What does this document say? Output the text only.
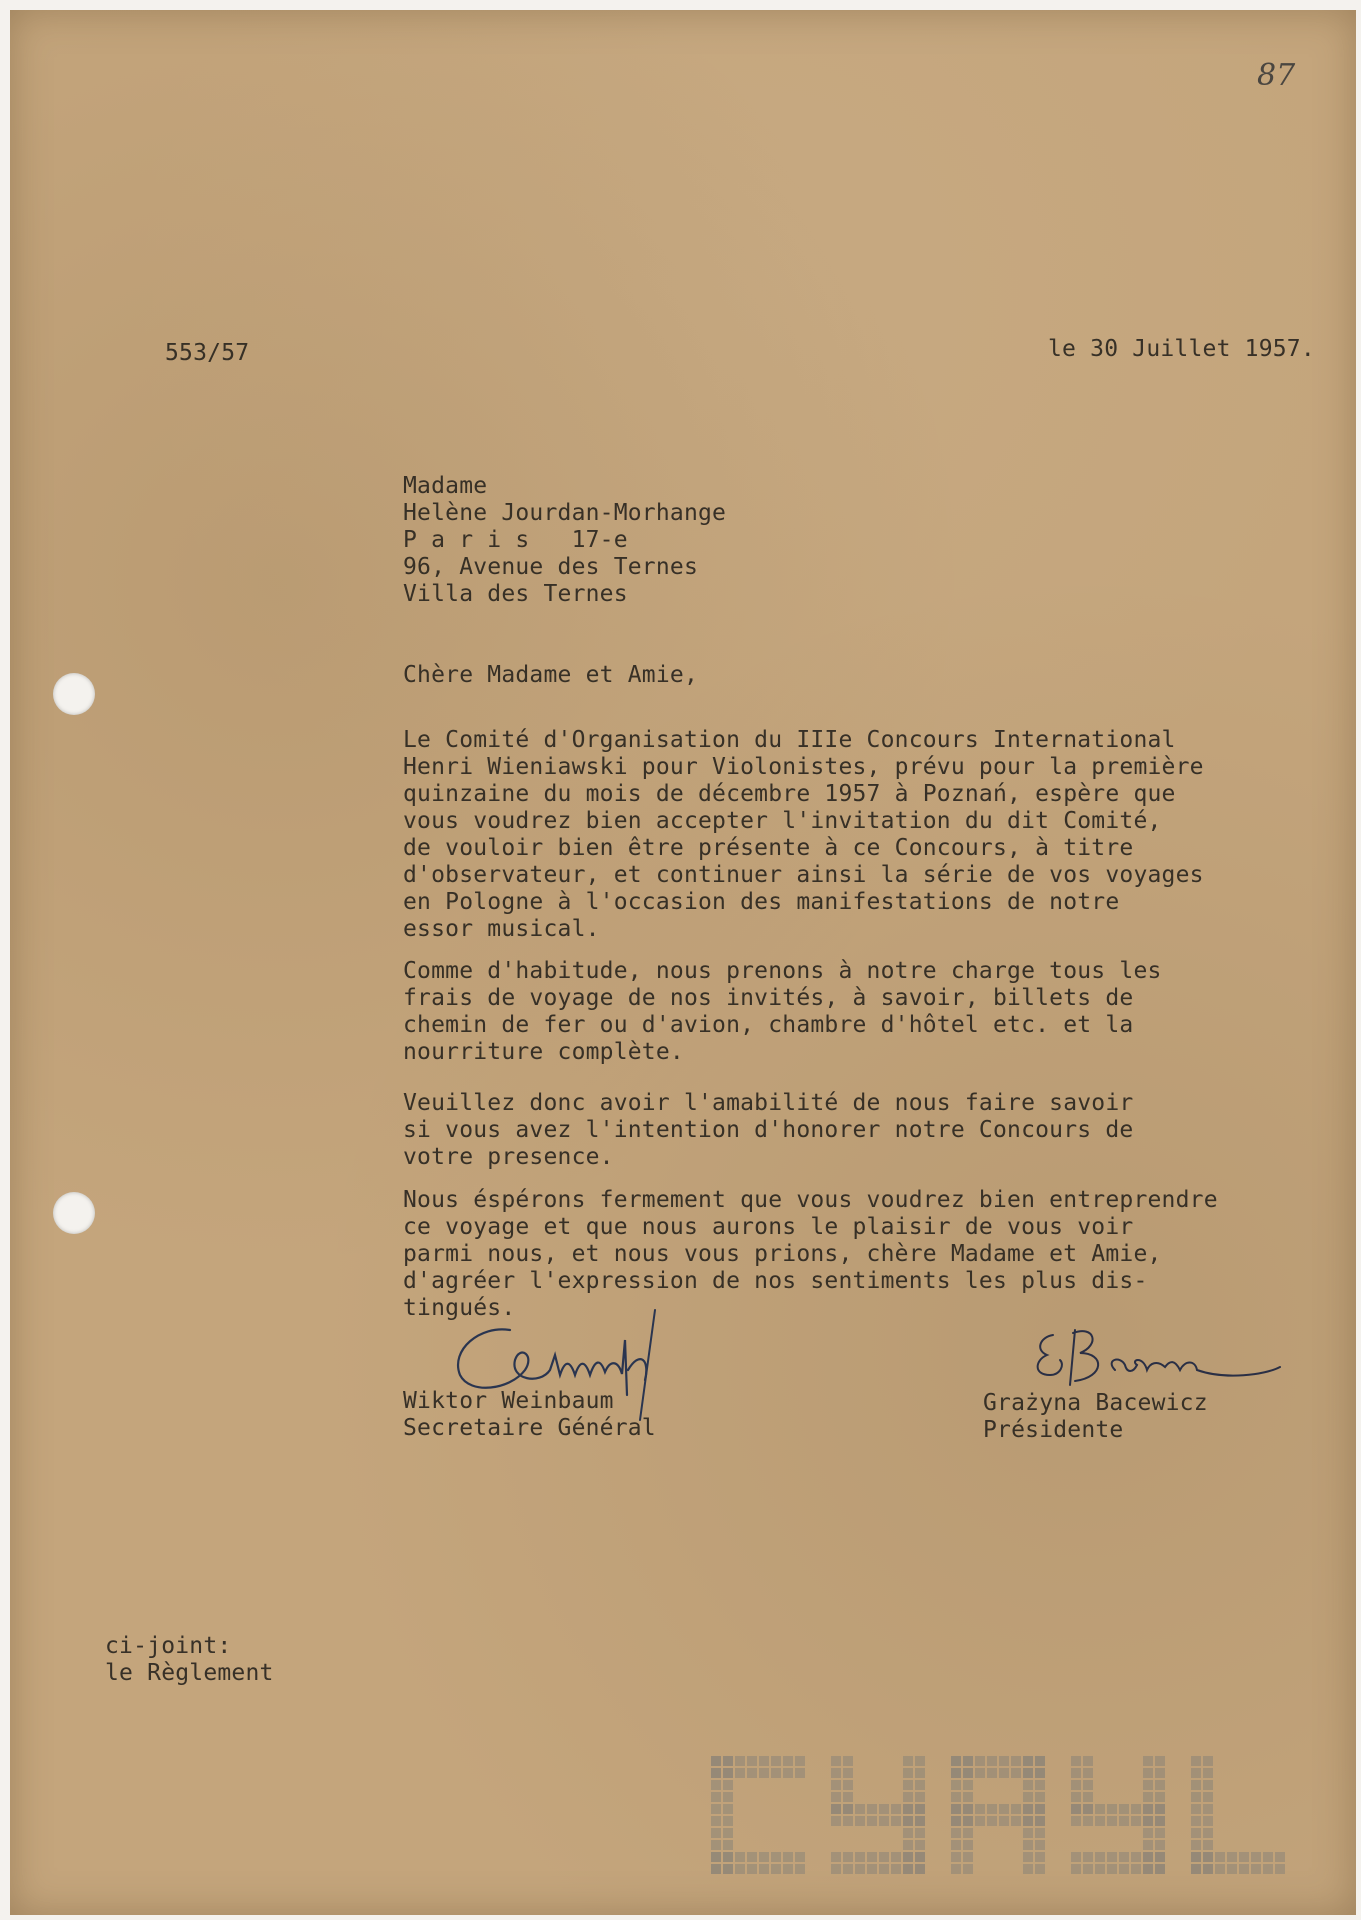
87
553/57	le 30 Juillet 1957.
Madame
Helène Jourdan-Morhange
P a r i s   17-e
96, Avenue des Ternes
Villa des Ternes
Chère Madame et Amie,
Le Comité d'Organisation du IIIe Concours International
Henri Wieniawski pour Violonistes, prévu pour la première
quinzaine du mois de décembre 1957 à Poznań, espère que
vous voudrez bien accepter l'invitation du dit Comité,
de vouloir bien être présente à ce Concours, à titre
d'observateur, et continuer ainsi la série de vos voyages
en Pologne à l'occasion des manifestations de notre
essor musical.
Comme d'habitude, nous prenons à notre charge tous les
frais de voyage de nos invités, à savoir, billets de
chemin de fer ou d'avion, chambre d'hôtel etc. et la
nourriture complète.
Veuillez donc avoir l'amabilité de nous faire savoir
si vous avez l'intention d'honorer notre Concours de
votre presence.
Nous éspérons fermement que vous voudrez bien entreprendre
ce voyage et que nous aurons le plaisir de vous voir
parmi nous, et nous vous prions, chère Madame et Amie,
d'agréer l'expression de nos sentiments les plus dis-
tingués.
Wiktor Weinbaum
Secretaire Général
Grażyna Bacewicz
Présidente
ci-joint:
le Règlement
